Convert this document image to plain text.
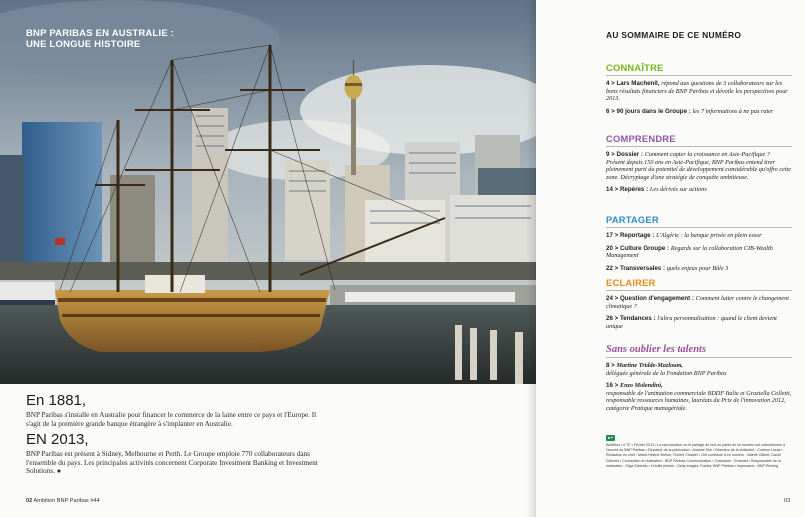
BNP PARIBAS EN AUSTRALIE :
UNE LONGUE HISTOIRE
En 1881,

BNP Paribas s'installe en Australie pour financer le commerce de la laine entre ce pays et l'Europe. Il s'agit de la première grande banque étrangère à s'implanter en Australie.

EN 2013,

BNP Paribas est présent à Sidney, Melbourne et Perth. Le Groupe emploie 770 collaborateurs dans l'ensemble du pays. Les principales activités concernent Corporate Investment Banking et Investment Solutions. ●

02 Ambition BNP Paribas #44
AU SOMMAIRE DE CE NUMÉRO
CONNAÎTRE
4 > Lars Machenil, répond aux questions de 3 collaborateurs sur les bons résultats financiers de BNP Paribas et dévoile les perspectives pour 2013.
6 > 90 jours dans le Groupe : les 7 informations à ne pas rater
COMPRENDRE
9 > Dossier : Comment capter la croissance en Asie-Pacifique ?
Présent depuis 150 ans en Asie-Pacifique, BNP Paribas entend tirer pleinement parti du potentiel de développement considérable qu'offre cette zone. Décryptage d'une stratégie de conquête ambitieuse.
14 > Repères : Les dérivés sur actions
PARTAGER
17 > Reportage : L'Algérie : la banque privée en plein essor
20 > Culture Groupe : Regards sur la collaboration CIB-Wealth Management
22 > Transversales : quels enjeux pour Bâle 3
ECLAIRER
24 > Question d'engagement : Comment lutter contre le changement climatique ?
26 > Tendances : l'ultra personnalisation : quand le client devient unique
Sans oublier les talents
8 > Martine Tridde-Mazloum,
déléguée générale de la Fondation BNP Paribas
16 > Enzo Molendini,
responsable de l'animation commerciale BDDF Italie et Graziella Colletti, responsable ressources humaines, lauréats du Prix de l'innovation 2012, catégorie Pratique managériale.
Ambition • n°37 • Février 2013 • La reproduction ou le partage de tout ou partie de ce numéro est subordonnée à l'accord de BNP Paribas • Directeur de la publication : Antoine Sire • Directeur de la rédaction : Corinne Lucas • Rédaction en chef : Marie-Hélène Breton, Florent Chatrier • Ont contribué à ce numéro : Valérie Gilbert, David Gilchrist • Conception et réalisation : BNP Paribas Communication • Traduction : Emerald • Responsable de la réalisation : Olga Gretchin • Crédits photos : Getty Images, Fotolia, BNP Paribas • Impression : BNP Printing
03
